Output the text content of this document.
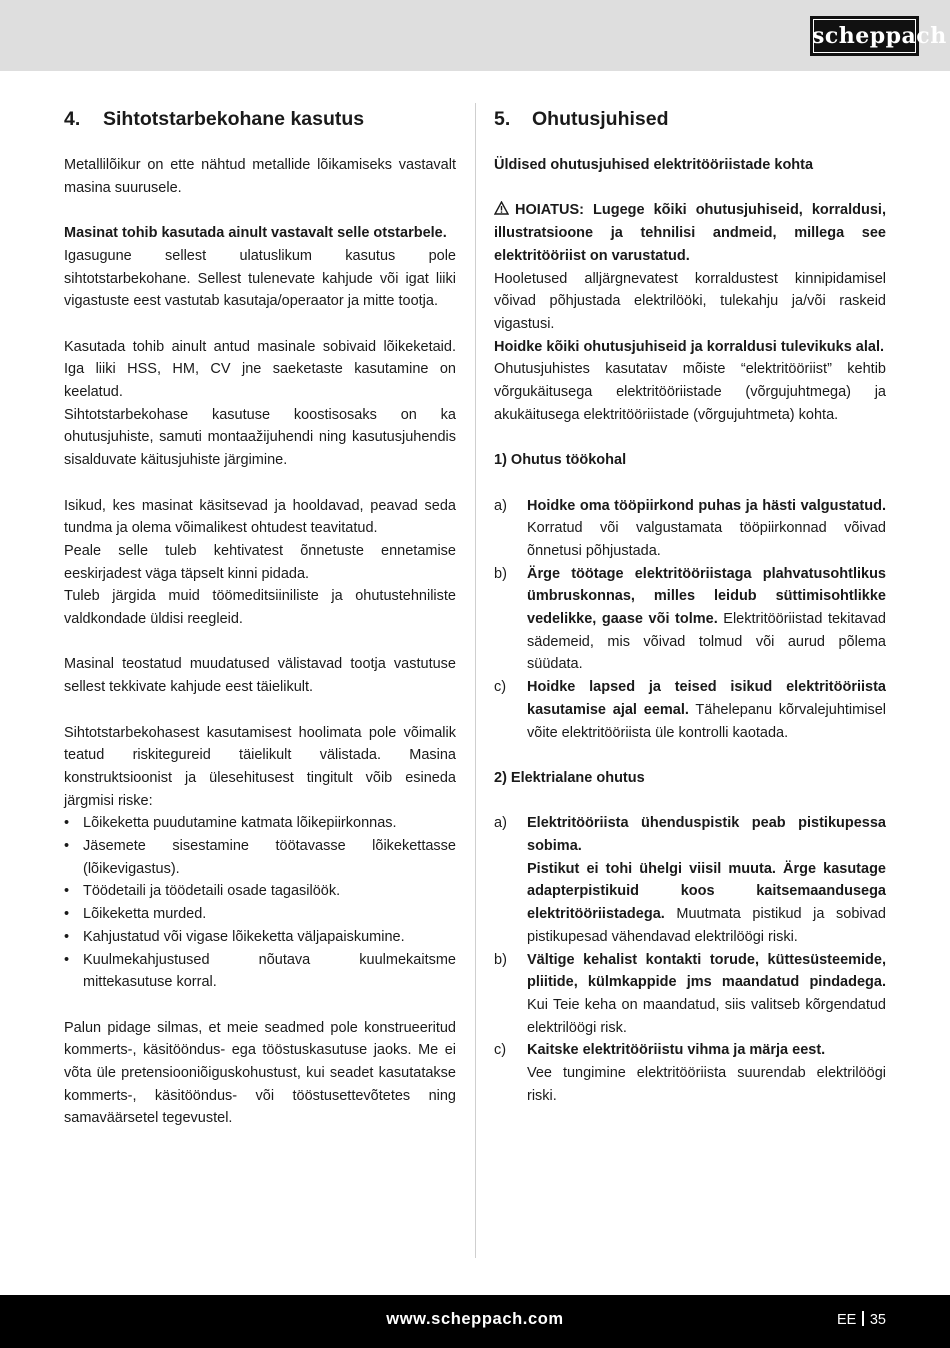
scheppach
4.	Sihtotstarbekohane kasutus

Metallilõikur on ette nähtud metallide lõikamiseks vastavalt masina suurusele.

Masinat tohib kasutada ainult vastavalt selle otstarbele.

Igasugune sellest ulatuslikum kasutus pole sihtotstarbekohane. Sellest tulenevate kahjude või igat liiki vigastuste eest vastutab kasutaja/operaator ja mitte tootja.

Kasutada tohib ainult antud masinale sobivaid lõikeketaid. Iga liiki HSS, HM, CV jne saeketaste kasutamine on keelatud.

Sihtotstarbekohase kasutuse koostisosaks on ka ohutusjuhiste, samuti montaažijuhendi ning kasutusjuhendis sisalduvate käitusjuhiste järgimine.

Isikud, kes masinat käsitsevad ja hooldavad, peavad seda tundma ja olema võimalikest ohtudest teavitatud.

Peale selle tuleb kehtivatest õnnetuste ennetamise eeskirjadest väga täpselt kinni pidada.

Tuleb järgida muid töömeditsiiniliste ja ohutustehniliste valdkondade üldisi reegleid.

Masinal teostatud muudatused välistavad tootja vastutuse sellest tekkivate kahjude eest täielikult.

Sihtotstarbekohasest kasutamisest hoolimata pole võimalik teatud riskitegureid täielikult välistada. Masina konstruktsioonist ja ülesehitusest tingitult võib esineda järgmisi riske:

• Lõikeketta puudutamine katmata lõikepiirkonnas.
• Jäsemete sisestamine töötavasse lõikekettasse (lõikevigastus).
• Töödetaili ja töödetaili osade tagasilöök.
• Lõikeketta murded.
• Kahjustatud või vigase lõikeketta väljapaiskumine.
• Kuulmekahjustused nõutava kuulmekaitsme mittekasutuse korral.

Palun pidage silmas, et meie seadmed pole konstrueeritud kommerts-, käsitööndus- ega tööstuskasutuse jaoks. Me ei võta üle pretensiooniõiguskohustust, kui seadet kasutatakse kommerts-, käsitööndus- või tööstusettevõtetes ning samaväärsetel tegevustel.

5.	Ohutusjuhised

Üldised ohutusjuhised elektritööriistade kohta

HOIATUS: Lugege kõiki ohutusjuhiseid, korraldusi, illustratsioone ja tehnilisi andmeid, millega see elektritööriist on varustatud.

Hooletused alljärgnevatest korraldustest kinnipidamisel võivad põhjustada elektrilööki, tulekahju ja/või raskeid vigastusi.

Hoidke kõiki ohutusjuhiseid ja korraldusi tulevikuks alal.

Ohutusjuhistes kasutatav mõiste “elektritööriist” kehtib võrgukäitusega elektritööriistade (võrgujuhtmega) ja akukäitusega elektritööriistade (võrgujuhtmeta) kohta.

1) Ohutus töökohal

a)	Hoidke oma tööpiirkond puhas ja hästi valgustatud. Korratud või valgustamata tööpiirkonnad võivad õnnetusi põhjustada.
b)	Ärge töötage elektritööriistaga plahvatusohtlikus ümbruskonnas, milles leidub süttimisohtlikke vedelikke, gaase või tolme. Elektritööriistad tekitavad sädemeid, mis võivad tolmud või aurud põlema süüdata.
c)	Hoidke lapsed ja teised isikud elektritööriista kasutamise ajal eemal. Tähelepanu kõrvalejuhtimisel võite elektritööriista üle kontrolli kaotada.

2) Elektrialane ohutus

a)	Elektritööriista ühenduspistik peab pistikupessa sobima.
Pistikut ei tohi ühelgi viisil muuta. Ärge kasutage adapterpistikuid koos kaitsemaandusega elektritööriistadega. Muutmata pistikud ja sobivad pistikupesad vähendavad elektrilöögi riski.
b)	Vältige kehalist kontakti torude, küttesüsteemide, pliitide, külmkappide jms maandatud pindadega. Kui Teie keha on maandatud, siis valitseb kõrgendatud elektrilöögi risk.
c)	Kaitske elektritööriistu vihma ja märja eest.
Vee tungimine elektritööriista suurendab elektrilöögi riski.
www.scheppach.com	EE 35
